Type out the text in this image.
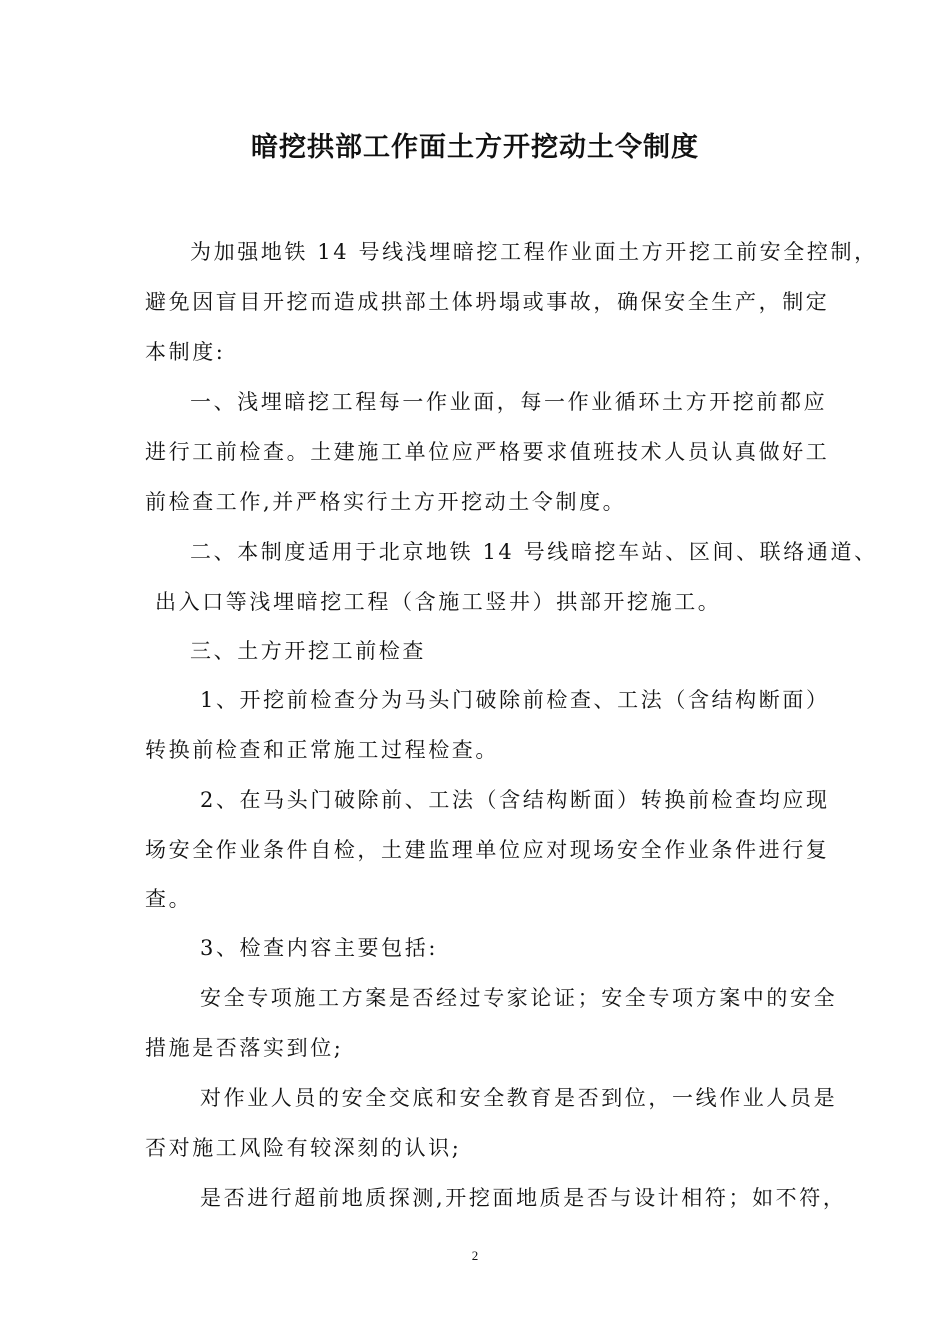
暗挖拱部工作面土方开挖动土令制度
为加强地铁 14 号线浅埋暗挖工程作业面土方开挖工前安全控制，
避免因盲目开挖而造成拱部土体坍塌或事故，确保安全生产，制定
本制度:
一、浅埋暗挖工程每一作业面，每一作业循环土方开挖前都应
进行工前检查。土建施工单位应严格要求值班技术人员认真做好工
前检查工作,并严格实行土方开挖动土令制度。
二、本制度适用于北京地铁 14 号线暗挖车站、区间、联络通道、
出入口等浅埋暗挖工程（含施工竖井）拱部开挖施工。
三、土方开挖工前检查
1、开挖前检查分为马头门破除前检查、工法（含结构断面）
转换前检查和正常施工过程检查。
2、在马头门破除前、工法（含结构断面）转换前检查均应现
场安全作业条件自检，土建监理单位应对现场安全作业条件进行复
查。
3、检查内容主要包括:
安全专项施工方案是否经过专家论证；安全专项方案中的安全
措施是否落实到位;
对作业人员的安全交底和安全教育是否到位，一线作业人员是
否对施工风险有较深刻的认识;
是否进行超前地质探测,开挖面地质是否与设计相符；如不符，
2
